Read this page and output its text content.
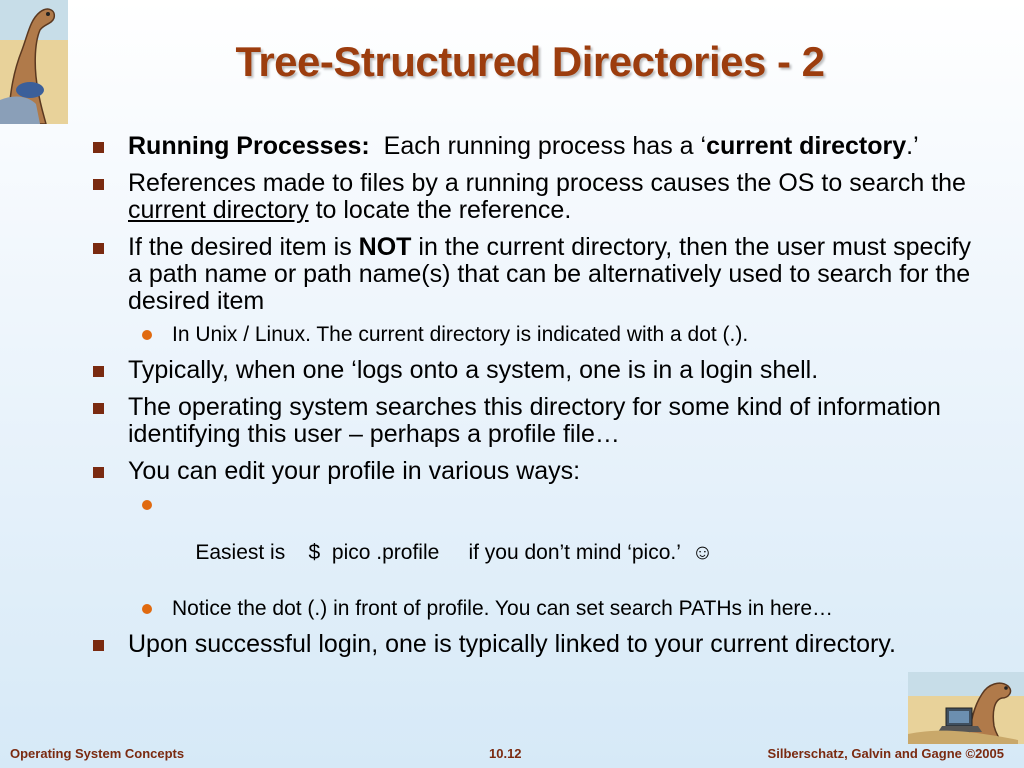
Tree-Structured Directories - 2
Running Processes: Each running process has a ‘current directory.’
References made to files by a running process causes the OS to search the current directory to locate the reference.
If the desired item is NOT in the current directory, then the user must specify a path name or path name(s) that can be alternatively used to search for the desired item
In Unix / Linux. The current directory is indicated with a dot (.).
Typically, when one ‘logs onto a system, one is in a login shell.
The operating system searches this directory for some kind of information identifying this user – perhaps a profile file…
You can edit your profile in various ways:

Easiest is    $  pico .profile     if you don’t mind ‘pico.’  ☺

Notice the dot (.) in front of profile. You can set search PATHs in here…
Upon successful login, one is typically linked to your current directory.
Operating System Concepts	10.12	Silberschatz, Galvin and Gagne ©2005
